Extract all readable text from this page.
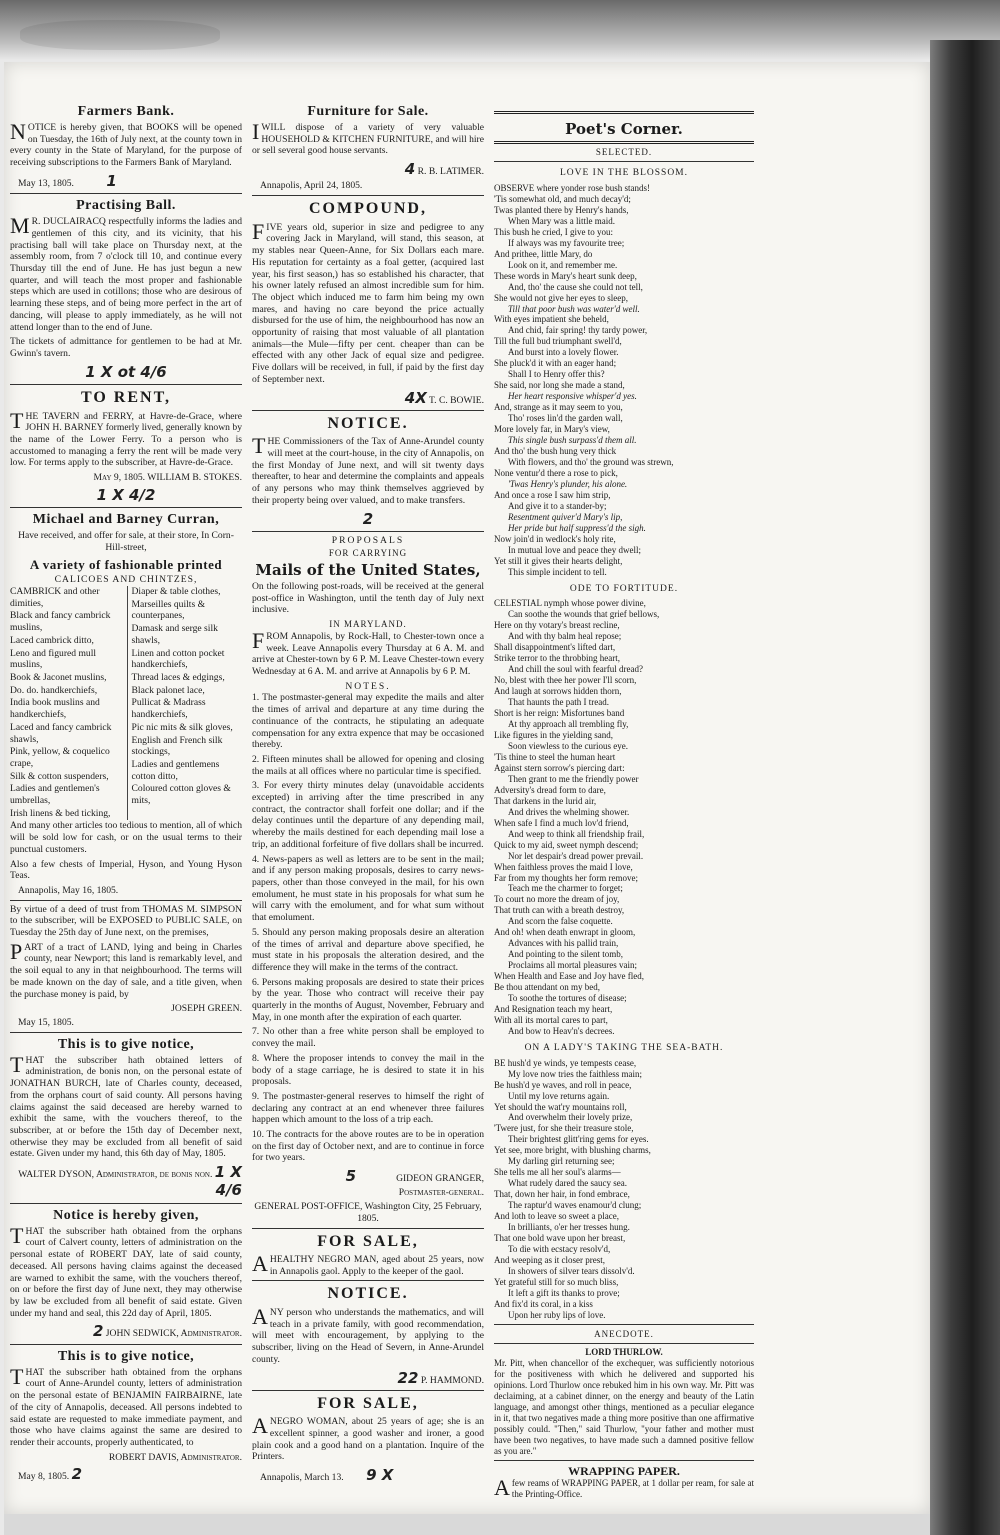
Farmers Bank.

NOTICE is hereby given, that BOOKS will be opened on Tuesday, the 16th of July next, at the county town in every county in the State of Maryland, for the purpose of receiving subscriptions to the Farmers Bank of Maryland.

May 13, 1805. 1
Practising Ball.

MR. DUCLAIRACQ respectfully informs the ladies and gentlemen of this city, and its vicinity, that his practising ball will take place on Thursday next, at the assembly room, from 7 o'clock till 10, and continue every Thursday till the end of June. He has just begun a new quarter, and will teach the most proper and fashionable steps which are used in cotillons; those who are desirous of learning these steps, and of being more perfect in the art of dancing, will please to apply immediately, as he will not attend longer than to the end of June.

The tickets of admittance for gentlemen to be had at Mr. Gwinn's tavern.

1 X ot 4/6
TO RENT,

THE TAVERN and FERRY, at Havre-de-Grace, where JOHN H. BARNEY formerly lived, generally known by the name of the Lower Ferry. To a person who is accustomed to managing a ferry the rent will be made very low. For terms apply to the subscriber, at Havre-de-Grace.

May 9, 1805. WILLIAM B. STOKES.
1 X 4/2
Michael and Barney Curran,
Have received, and offer for sale, at their store, In Corn-Hill-street,
A variety of fashionable printed
CALICOES AND CHINTZES,
CAMBRICK and other dimities,
Black and fancy cambrick muslins,
Laced cambrick ditto,
Leno and figured mull muslins,
Book & Jaconet muslins,
Do. do. handkerchiefs,
India book muslins and handkerchiefs,
Laced and fancy cambrick shawls,
Pink, yellow, & coquelico crape,
Silk & cotton suspenders,
Ladies and gentlemen's umbrellas,
Irish linens & bed ticking,
Diaper & table clothes,
Marseilles quilts & counterpanes,
Damask and serge silk shawls,
Linen and cotton pocket handkerchiefs,
Thread laces & edgings,
Black palonet lace,
Pullicat & Madrass handkerchiefs,
Pic nic mits & silk gloves,
English and French silk stockings,
Ladies and gentlemens cotton ditto,
Coloured cotton gloves & mits,

And many other articles too tedious to mention, all of which will be sold low for cash, or on the usual terms to their punctual customers.

Also a few chests of Imperial, Hyson, and Young Hyson Teas.

Annapolis, May 16, 1805.

By virtue of a deed of trust from THOMAS M. SIMPSON to the subscriber, will be EXPOSED to PUBLIC SALE, on Tuesday the 25th day of June next, on the premises,

PART of a tract of LAND, lying and being in Charles county, near Newport; this land is remarkably level, and the soil equal to any in that neighbourhood. The terms will be made known on the day of sale, and a title given, when the purchase money is paid, by

JOSEPH GREEN.
May 15, 1805.
This is to give notice,

THAT the subscriber hath obtained letters of administration, de bonis non, on the personal estate of JONATHAN BURCH, late of Charles county, deceased, from the orphans court of said county. All persons having claims against the said deceased are hereby warned to exhibit the same, with the vouchers thereof, to the subscriber, at or before the 15th day of December next, otherwise they may be excluded from all benefit of said estate. Given under my hand, this 6th day of May, 1805.

WALTER DYSON, Administrator, de bonis non. 1 X 4/6
Notice is hereby given,

THAT the subscriber hath obtained from the orphans court of Calvert county, letters of administration on the personal estate of ROBERT DAY, late of said county, deceased. All persons having claims against the deceased are warned to exhibit the same, with the vouchers thereof, on or before the first day of June next, they may otherwise by law be excluded from all benefit of said estate. Given under my hand and seal, this 22d day of April, 1805.

2 JOHN SEDWICK, Administrator.
This is to give notice,

THAT the subscriber hath obtained from the orphans court of Anne-Arundel county, letters of administration on the personal estate of BENJAMIN FAIRBAIRNE, late of the city of Annapolis, deceased. All persons indebted to said estate are requested to make immediate payment, and those who have claims against the same are desired to render their accounts, properly authenticated, to

ROBERT DAVIS, Administrator.
May 8, 1805. 2
Furniture for Sale.

IWILL dispose of a variety of very valuable HOUSEHOLD & KITCHEN FURNITURE, and will hire or sell several good house servants.

4 R. B. LATIMER.
Annapolis, April 24, 1805.
COMPOUND,

FIVE years old, superior in size and pedigree to any covering Jack in Maryland, will stand, this season, at my stables near Queen-Anne, for Six Dollars each mare. His reputation for certainty as a foal getter, (acquired last year, his first season,) has so established his character, that his owner lately refused an almost incredible sum for him. The object which induced me to farm him being my own mares, and having no care beyond the price actually disbursed for the use of him, the neighbourhood has now an opportunity of raising that most valuable of all plantation animals—the Mule—fifty per cent. cheaper than can be effected with any other Jack of equal size and pedigree. Five dollars will be received, in full, if paid by the first day of September next.

4X T. C. BOWIE.
NOTICE.

THE Commissioners of the Tax of Anne-Arundel county will meet at the court-house, in the city of Annapolis, on the first Monday of June next, and will sit twenty days thereafter, to hear and determine the complaints and appeals of any persons who may think themselves aggrieved by their property being over valued, and to make transfers.

2
PROPOSALS
FOR CARRYING
Mails of the United States,

On the following post-roads, will be received at the general post-office in Washington, until the tenth day of July next inclusive.

IN MARYLAND.

FROM Annapolis, by Rock-Hall, to Chester-town once a week. Leave Annapolis every Thursday at 6 A. M. and arrive at Chester-town by 6 P. M. Leave Chester-town every Wednesday at 6 A. M. and arrive at Annapolis by 6 P. M.

NOTES.

1. The postmaster-general may expedite the mails and alter the times of arrival and departure at any time during the continuance of the contracts, he stipulating an adequate compensation for any extra expence that may be occasioned thereby.

2. Fifteen minutes shall be allowed for opening and closing the mails at all offices where no particular time is specified.

3. For every thirty minutes delay (unavoidable accidents excepted) in arriving after the time prescribed in any contract, the contractor shall forfeit one dollar; and if the delay continues until the departure of any depending mail, whereby the mails destined for each depending mail lose a trip, an additional forfeiture of five dollars shall be incurred.

4. News-papers as well as letters are to be sent in the mail; and if any person making proposals, desires to carry news-papers, other than those conveyed in the mail, for his own emolument, he must state in his proposals for what sum he will carry with the emolument, and for what sum without that emolument.

5. Should any person making proposals desire an alteration of the times of arrival and departure above specified, he must state in his proposals the alteration desired, and the difference they will make in the terms of the contract.

6. Persons making proposals are desired to state their prices by the year. Those who contract will receive their pay quarterly in the months of August, November, February and May, in one month after the expiration of each quarter.

7. No other than a free white person shall be employed to convey the mail.

8. Where the proposer intends to convey the mail in the body of a stage carriage, he is desired to state it in his proposals.

9. The postmaster-general reserves to himself the right of declaring any contract at an end whenever three failures happen which amount to the loss of a trip each.

10. The contracts for the above routes are to be in operation on the first day of October next, and are to continue in force for two years.

5	GIDEON GRANGER,
Postmaster-general.
GENERAL POST-OFFICE, Washington City, 25 February, 1805.
FOR SALE,

AHEALTHY NEGRO MAN, aged about 25 years, now in Annapolis gaol. Apply to the keeper of the gaol.

NOTICE.

ANY person who understands the mathematics, and will teach in a private family, with good recommendation, will meet with encouragement, by applying to the subscriber, living on the Head of Severn, in Anne-Arundel county.

22 P. HAMMOND.
FOR SALE,

ANEGRO WOMAN, about 25 years of age; she is an excellent spinner, a good washer and ironer, a good plain cook and a good hand on a plantation. Inquire of the Printers.

Annapolis, March 13. 9 X
Poet's Corner.
SELECTED.
LOVE IN THE BLOSSOM.
OBSERVE where yonder rose bush stands!
'Tis somewhat old, and much decay'd;
Twas planted there by Henry's hands,
When Mary was a little maid.
This bush he cried, I give to you:
If always was my favourite tree;
And prithee, little Mary, do
Look on it, and remember me.
These words in Mary's heart sunk deep,
And, tho' the cause she could not tell,
She would not give her eyes to sleep,
Till that poor bush was water'd well.
With eyes impatient she beheld,
And chid, fair spring! thy tardy power,
Till the full bud triumphant swell'd,
And burst into a lovely flower.
She pluck'd it with an eager hand;
Shall I to Henry offer this?
She said, nor long she made a stand,
Her heart responsive whisper'd yes.
And, strange as it may seem to you,
Tho' roses lin'd the garden wall,
More lovely far, in Mary's view,
This single bush surpass'd them all.
And tho' the bush hung very thick
With flowers, and tho' the ground was strewn,
None ventur'd there a rose to pick,
'Twas Henry's plunder, his alone.
And once a rose I saw him strip,
And give it to a stander-by;
Resentment quiver'd Mary's lip,
Her pride but half suppress'd the sigh.
Now join'd in wedlock's holy rite,
In mutual love and peace they dwell;
Yet still it gives their hearts delight,
This simple incident to tell.
ODE TO FORTITUDE.
CELESTIAL nymph whose power divine,
Can soothe the wounds that grief bellows,
Here on thy votary's breast recline,
And with thy balm heal repose;
Shall disappointment's lifted dart,
Strike terror to the throbbing heart,
And chill the soul with fearful dread?
No, blest with thee her power I'll scorn,
And laugh at sorrows hidden thorn,
That haunts the path I tread.
Short is her reign: Misfortunes band
At thy approach all trembling fly,
Like figures in the yielding sand,
Soon viewless to the curious eye.
'Tis thine to steel the human heart
Against stern sorrow's piercing dart:
Then grant to me the friendly power
Adversity's dread form to dare,
That darkens in the lurid air,
And drives the whelming shower.
When safe I find a much lov'd friend,
And weep to think all friendship frail,
Quick to my aid, sweet nymph descend;
Nor let despair's dread power prevail.
When faithless proves the maid I love,
Far from my thoughts her form remove;
Teach me the charmer to forget;
To court no more the dream of joy,
That truth can with a breath destroy,
And scorn the false coquette.
And oh! when death enwrapt in gloom,
Advances with his pallid train,
And pointing to the silent tomb,
Proclaims all mortal pleasures vain;
When Health and Ease and Joy have fled,
Be thou attendant on my bed,
To soothe the tortures of disease;
And Resignation teach my heart,
With all its mortal cares to part,
And bow to Heav'n's decrees.
ON A LADY'S TAKING THE SEA-BATH.
BE hush'd ye winds, ye tempests cease,
My love now tries the faithless main;
Be hush'd ye waves, and roll in peace,
Until my love returns again.
Yet should the wat'ry mountains roll,
And overwhelm their lovely prize,
'Twere just, for she their treasure stole,
Their brightest glitt'ring gems for eyes.
Yet see, more bright, with blushing charms,
My darling girl returning see;
She tells me all her soul's alarms—
What rudely dared the saucy sea.
That, down her hair, in fond embrace,
The raptur'd waves enamour'd clung;
And loth to leave so sweet a place,
In brilliants, o'er her tresses hung.
That one bold wave upon her breast,
To die with ecstacy resolv'd,
And weeping as it closer prest,
In showers of silver tears dissolv'd.
Yet grateful still for so much bliss,
It left a gift its thanks to prove;
And fix'd its coral, in a kiss
Upon her ruby lips of love.
ANECDOTE.
LORD THURLOW.

Mr. Pitt, when chancellor of the exchequer, was sufficiently notorious for the positiveness with which he delivered and supported his opinions. Lord Thurlow once rebuked him in his own way. Mr. Pitt was declaiming, at a cabinet dinner, on the energy and beauty of the Latin language, and amongst other things, mentioned as a peculiar elegance in it, that two negatives made a thing more positive than one affirmative possibly could. "Then," said Thurlow, "your father and mother must have been two negatives, to have made such a damned positive fellow as you are."

WRAPPING PAPER.

Afew reams of WRAPPING PAPER, at 1 dollar per ream, for sale at the Printing-Office.
